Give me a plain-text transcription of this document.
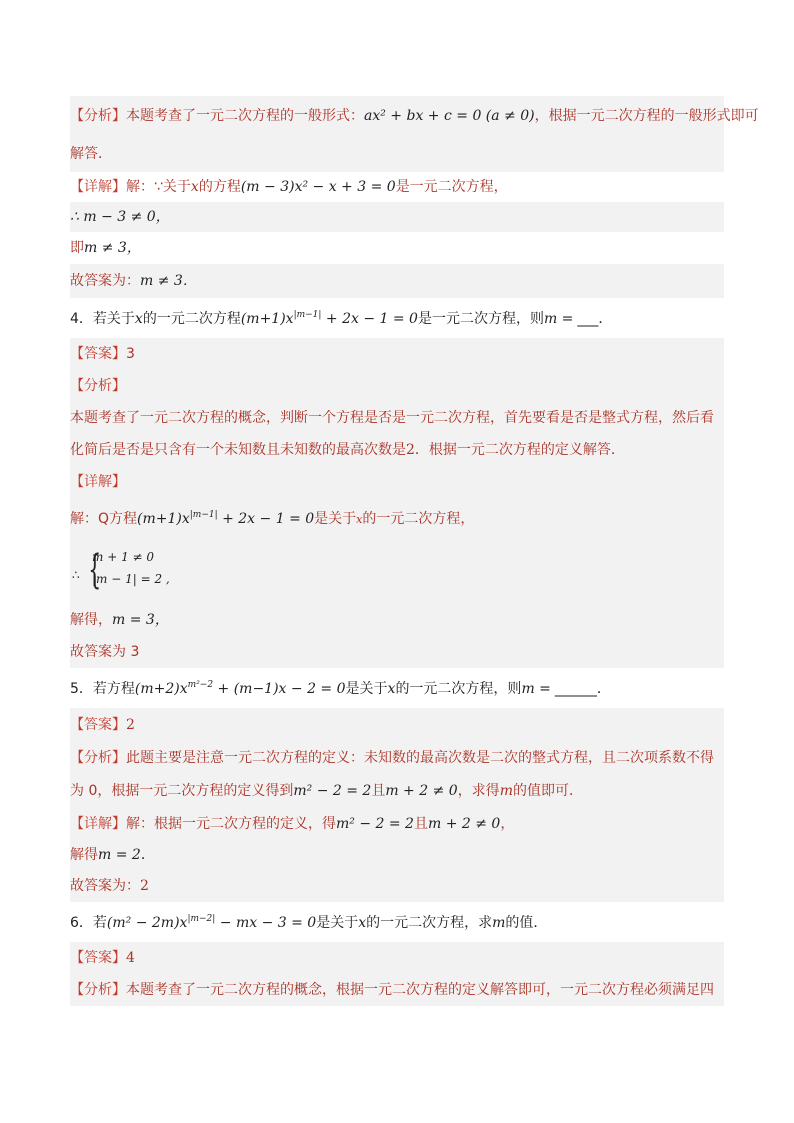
【分析】本题考查了一元二次方程的一般形式：ax² + bx + c = 0 (a ≠ 0)，根据一元二次方程的一般形式即可
解答．
【详解】解：∵关于x的方程(m − 3)x² − x + 3 = 0是一元二次方程，
∴ m − 3 ≠ 0，
即m ≠ 3，
故答案为：m ≠ 3．
4．若关于x的一元二次方程$(m+1)x^{|m-1|} + 2x - 1 = 0$是一元二次方程，则m = ___．
【答案】3
【分析】
本题考查了一元二次方程的概念，判断一个方程是否是一元二次方程，首先要看是否是整式方程，然后看
化简后是否是只含有一个未知数且未知数的最高次数是2．根据一元二次方程的定义解答．
【详解】
解：Q方程$(m+1)x^{|m-1|} + 2x - 1 = 0$是关于x的一元二次方程，
∴ {
m + 1 ≠ 0
|m − 1| = 2 ,
解得，m = 3，
故答案为 3
5．若方程$(m+2)x^{m^2-2} + (m-1)x - 2 = 0$是关于x的一元二次方程，则m = ______．
【答案】2
【分析】此题主要是注意一元二次方程的定义：未知数的最高次数是二次的整式方程，且二次项系数不得
为 0，根据一元二次方程的定义得到m² − 2 = 2且m + 2 ≠ 0，求得m的值即可．
【详解】解：根据一元二次方程的定义，得m² − 2 = 2且m + 2 ≠ 0，
解得m = 2．
故答案为：2
6．若$(m^2 - 2m)x^{|m-2|}$ − mx − 3 = 0是关于x的一元二次方程，求m的值．
【答案】4
【分析】本题考查了一元二次方程的概念，根据一元二次方程的定义解答即可，一元二次方程必须满足四
